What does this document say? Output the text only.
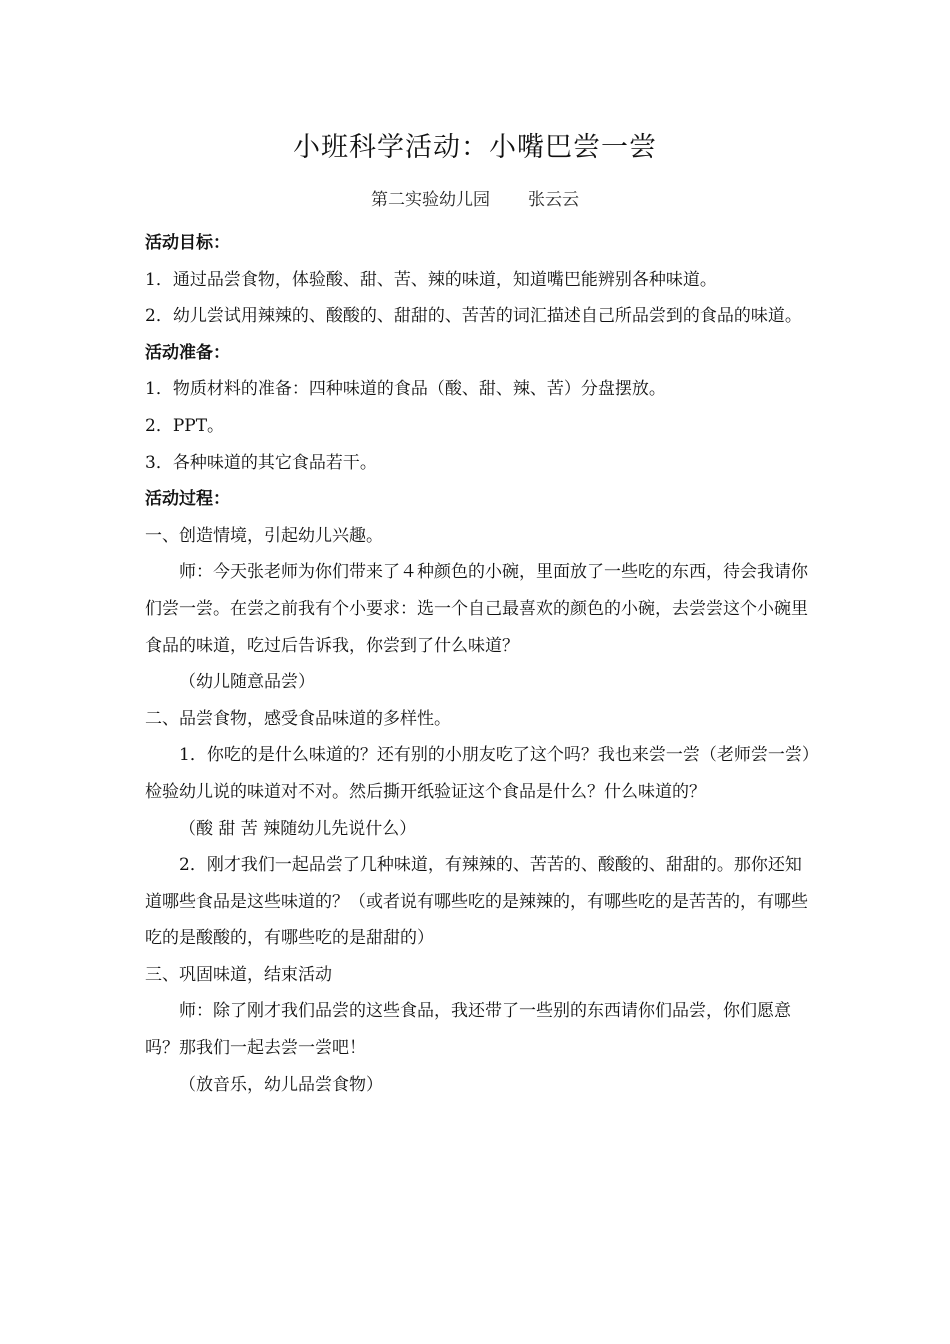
小班科学活动：小嘴巴尝一尝
第二实验幼儿园 张云云

活动目标：

1．通过品尝食物，体验酸、甜、苦、辣的味道，知道嘴巴能辨别各种味道。

2．幼儿尝试用辣辣的、酸酸的、甜甜的、苦苦的词汇描述自己所品尝到的食品的味道。

活动准备：

1．物质材料的准备：四种味道的食品（酸、甜、辣、苦）分盘摆放。

2．PPT。

3．各种味道的其它食品若干。

活动过程：

一、创造情境，引起幼儿兴趣。

师：今天张老师为你们带来了４种颜色的小碗，里面放了一些吃的东西，待会我请你们尝一尝。在尝之前我有个小要求：选一个自己最喜欢的颜色的小碗，去尝尝这个小碗里食品的味道，吃过后告诉我，你尝到了什么味道？

（幼儿随意品尝）

二、品尝食物，感受食品味道的多样性。

1．你吃的是什么味道的？还有别的小朋友吃了这个吗？我也来尝一尝（老师尝一尝）检验幼儿说的味道对不对。然后撕开纸验证这个食品是什么？什么味道的？

（酸 甜 苦 辣随幼儿先说什么）

2．刚才我们一起品尝了几种味道，有辣辣的、苦苦的、酸酸的、甜甜的。那你还知道哪些食品是这些味道的？（或者说有哪些吃的是辣辣的，有哪些吃的是苦苦的，有哪些吃的是酸酸的，有哪些吃的是甜甜的）

三、巩固味道，结束活动

师：除了刚才我们品尝的这些食品，我还带了一些别的东西请你们品尝，你们愿意吗？那我们一起去尝一尝吧！

（放音乐，幼儿品尝食物）
